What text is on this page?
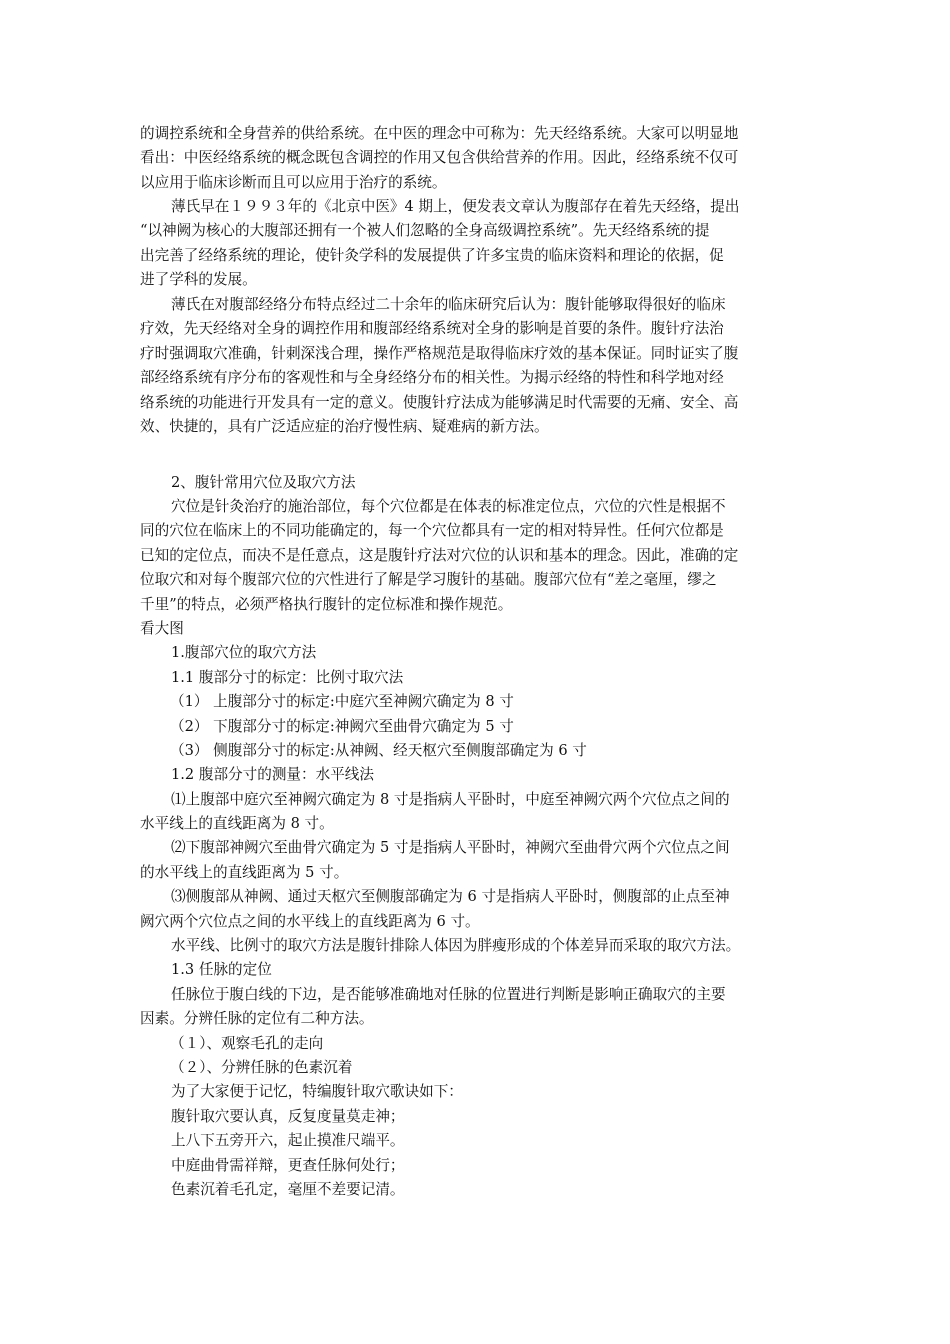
的调控系统和全身营养的供给系统。在中医的理念中可称为：先天经络系统。大家可以明显地
看出：中医经络系统的概念既包含调控的作用又包含供给营养的作用。因此，经络系统不仅可
以应用于临床诊断而且可以应用于治疗的系统。
薄氏早在１９９３年的《北京中医》4 期上，便发表文章认为腹部存在着先天经络，提出
“以神阙为核心的大腹部还拥有一个被人们忽略的全身高级调控系统”。先天经络系统的提
出完善了经络系统的理论，使针灸学科的发展提供了许多宝贵的临床资料和理论的依据，促
进了学科的发展。
薄氏在对腹部经络分布特点经过二十余年的临床研究后认为：腹针能够取得很好的临床
疗效，先天经络对全身的调控作用和腹部经络系统对全身的影响是首要的条件。腹针疗法治
疗时强调取穴准确，针刺深浅合理，操作严格规范是取得临床疗效的基本保证。同时证实了腹
部经络系统有序分布的客观性和与全身经络分布的相关性。为揭示经络的特性和科学地对经
络系统的功能进行开发具有一定的意义。使腹针疗法成为能够满足时代需要的无痛、安全、高
效、快捷的，具有广泛适应症的治疗慢性病、疑难病的新方法。
2、腹针常用穴位及取穴方法
穴位是针灸治疗的施治部位，每个穴位都是在体表的标准定位点，穴位的穴性是根据不
同的穴位在临床上的不同功能确定的，每一个穴位都具有一定的相对特异性。任何穴位都是
已知的定位点，而决不是任意点，这是腹针疗法对穴位的认识和基本的理念。因此，准确的定
位取穴和对每个腹部穴位的穴性进行了解是学习腹针的基础。腹部穴位有“差之毫厘，缪之
千里”的特点，必须严格执行腹针的定位标准和操作规范。
看大图
1.腹部穴位的取穴方法
1.1 腹部分寸的标定：比例寸取穴法
（1） 上腹部分寸的标定:中庭穴至神阙穴确定为 8 寸
（2） 下腹部分寸的标定:神阙穴至曲骨穴确定为 5 寸
（3） 侧腹部分寸的标定:从神阙、经天枢穴至侧腹部确定为 6 寸
1.2 腹部分寸的测量：水平线法
⑴上腹部中庭穴至神阙穴确定为 8 寸是指病人平卧时，中庭至神阙穴两个穴位点之间的
水平线上的直线距离为 8 寸。
⑵下腹部神阙穴至曲骨穴确定为 5 寸是指病人平卧时，神阙穴至曲骨穴两个穴位点之间
的水平线上的直线距离为 5 寸。
⑶侧腹部从神阙、通过天枢穴至侧腹部确定为 6 寸是指病人平卧时，侧腹部的止点至神
阙穴两个穴位点之间的水平线上的直线距离为 6 寸。
水平线、比例寸的取穴方法是腹针排除人体因为胖瘦形成的个体差异而采取的取穴方法。
1.3 任脉的定位
任脉位于腹白线的下边，是否能够准确地对任脉的位置进行判断是影响正确取穴的主要
因素。分辨任脉的定位有二种方法。
（１）、观察毛孔的走向
（２）、分辨任脉的色素沉着
为了大家便于记忆，特编腹针取穴歌诀如下：
腹针取穴要认真，反复度量莫走神；
上八下五旁开六，起止摸准尺端平。
中庭曲骨需祥辩，更查任脉何处行；
色素沉着毛孔定，毫厘不差要记清。
